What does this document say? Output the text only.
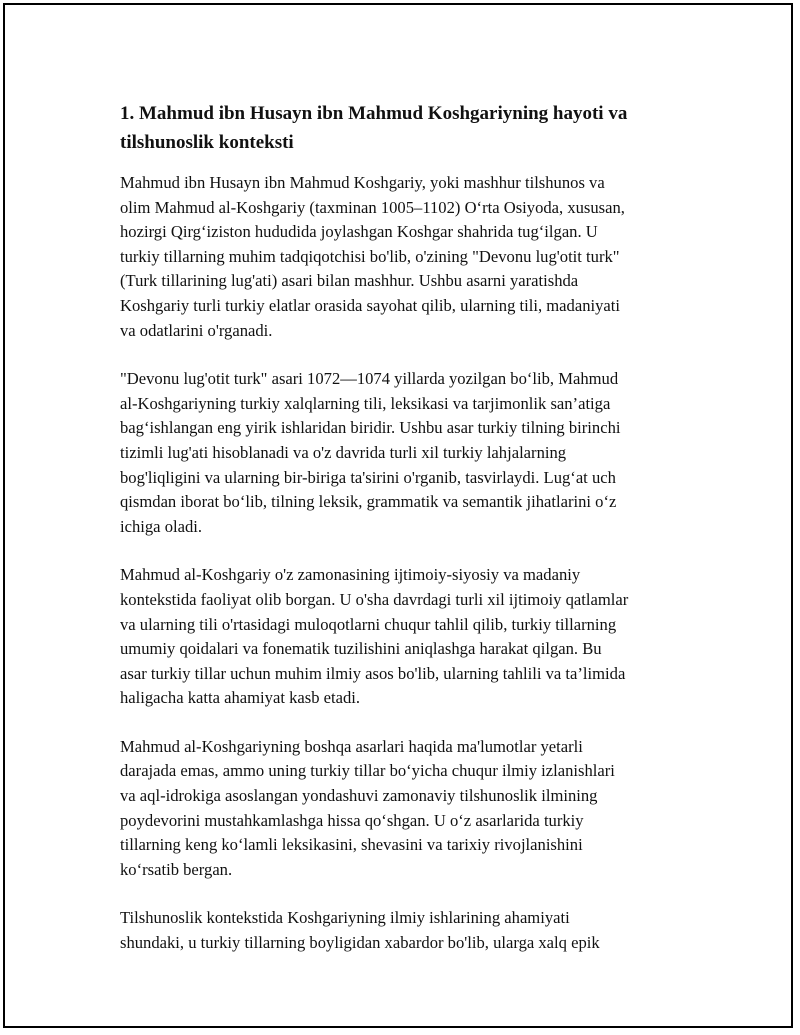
1. Mahmud ibn Husayn ibn Mahmud Koshgariyning hayoti va tilshunoslik konteksti

Mahmud ibn Husayn ibn Mahmud Koshgariy, yoki mashhur tilshunos va
olim Mahmud al-Koshgariy (taxminan 1005–1102) O‘rta Osiyoda, xususan,
hozirgi Qirg‘iziston hududida joylashgan Koshgar shahrida tug‘ilgan. U
turkiy tillarning muhim tadqiqotchisi bo'lib, o'zining "Devonu lug'otit turk"
(Turk tillarining lug'ati) asari bilan mashhur. Ushbu asarni yaratishda
Koshgariy turli turkiy elatlar orasida sayohat qilib, ularning tili, madaniyati
va odatlarini o'rganadi.

"Devonu lug'otit turk" asari 1072—1074 yillarda yozilgan bo‘lib, Mahmud
al-Koshgariyning turkiy xalqlarning tili, leksikasi va tarjimonlik san’atiga
bag‘ishlangan eng yirik ishlaridan biridir. Ushbu asar turkiy tilning birinchi
tizimli lug'ati hisoblanadi va o'z davrida turli xil turkiy lahjalarning
bog'liqligini va ularning bir-biriga ta'sirini o'rganib, tasvirlaydi. Lug‘at uch
qismdan iborat bo‘lib, tilning leksik, grammatik va semantik jihatlarini o‘z
ichiga oladi.

Mahmud al-Koshgariy o'z zamonasining ijtimoiy-siyosiy va madaniy
kontekstida faoliyat olib borgan. U o'sha davrdagi turli xil ijtimoiy qatlamlar
va ularning tili o'rtasidagi muloqotlarni chuqur tahlil qilib, turkiy tillarning
umumiy qoidalari va fonematik tuzilishini aniqlashga harakat qilgan. Bu
asar turkiy tillar uchun muhim ilmiy asos bo'lib, ularning tahlili va ta’limida
haligacha katta ahamiyat kasb etadi.

Mahmud al-Koshgariyning boshqa asarlari haqida ma'lumotlar yetarli
darajada emas, ammo uning turkiy tillar bo‘yicha chuqur ilmiy izlanishlari
va aql-idrokiga asoslangan yondashuvi zamonaviy tilshunoslik ilmining
poydevorini mustahkamlashga hissa qo‘shgan. U o‘z asarlarida turkiy
tillarning keng ko‘lamli leksikasini, shevasini va tarixiy rivojlanishini
ko‘rsatib bergan.

Tilshunoslik kontekstida Koshgariyning ilmiy ishlarining ahamiyati
shundaki, u turkiy tillarning boyligidan xabardor bo'lib, ularga xalq epik
